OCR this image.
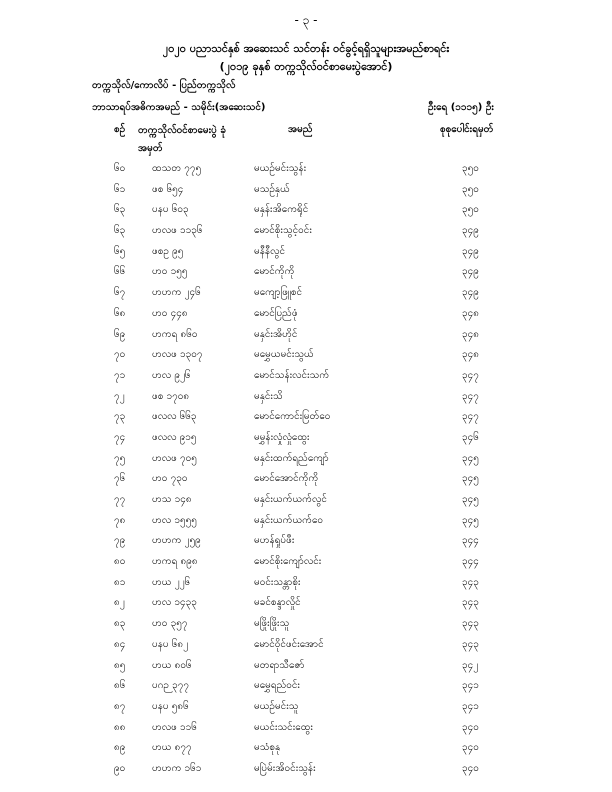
- ၃ -
၂၀၂၀ ပညာသင်နှစ် အဆေးသင် သင်တန်း ဝင်ခွင့်ရရှိသူများအမည်စာရင်း
(၂၀၁၉ ခုနှစ် တက္ကသိုလ်ဝင်စာမေးပွဲအောင်)
တက္ကသိုလ်/ကောလိပ် - ပြည်တက္ကသိုလ်
ဘာသာရပ်အဓိကအမည် - သမိုင်း(အဆေးသင်)	ဦးရေ (၁၁၁၅) ဦး
စဉ် တက္ကသိုလ်ဝင်စာမေးပွဲ ခုံအမှတ်
အမည်	စုစုပေါင်းရမှတ်
၆၀	ထသတ ၇၇၅	မယဉ်မင်းသွန်း	၃၅၀
၆၁	ဖစ ၆၅၄	မသဉ်နှယ်	၃၅၀
၆၃	ပနပ ၆၀၃	မနှန်းအိကေရိုင်	၃၅၀
၆၃	ဟလဖ ၁၁၃၆	မောင်စိုးသွင့်ဝင်း	၃၄၉
၆၅	ဖစဥ ၉၅	မနီနီလွင်	၃၄၉
၆၆	ဟ၀ ၁၅၅	မောင်ကိုကို	၃၄၉
၆၇	ဟဟက ၂၄၆	မကျော့ဖြူစင်	၃၄၉
၆၈	ဟ၀ ၄၄၈	မောင်ပြည်ဖုံ	၃၄၈
၆၉	ဟကရ ၈၆၀	မနှင်းအိဟိုင်	၃၄၈
၇၀	ဟလဖ ၁၃၀၇	မမွှေယမင်းသွယ်	၃၄၈
၇၁	ဟလ ၉၂၆	မောင်သန်းလင်းသက်	၃၄၇
၇၂	ဖစ ၁၇၀၈	မနှင်းသိ	၃၄၇
၇၃	ဖလလ ၆၆၃	မောင်ကောင်းမြတ်ဝေ	၃၄၇
၇၄	ဖလလ ၉၁၅	မမွှန်းလှုံလှုံထွေး	၃၄၆
၇၅	ဟလဖ ၇၀၅	မနှင်းထက်ရည်ကျော်	၃၄၅
၇၆	ဟ၀ ၇၃၀	မောင်အောင်ကိုကို	၃၄၅
၇၇	ဟသ ၁၄၈	မနှင်းယက်ယက်လွင်	၃၄၅
၇၈	ဟလ ၁၅၅၅	မနှင်းယက်ယက်ဝေ	၃၄၅
၇၉	ဟဟက ၂၅၉	မဟန်ရှုပ်ဖီး	၃၄၄
၈၀	ဟကရ ၈၉၈	မောင်စိုးကျော်လင်း	၃၄၄
၈၁	ဟယ ၂၂၆	မဝင်းသန္တာစိုး	၃၄၃
၈၂	ဟလ ၁၄၃၃	မခင်စန္ဒာလှိုင်	၃၄၃
၈၃	ဟ၀ ၃၅၇	မဖြိုးဖြိုးသူ	၃၄၃
၈၄	ပနပ ၆၈၂	မောင်ဝိုင်ဖင်းအောင်	၃၄၃
၈၅	ဟယ ၈၀၆	မတရာသီဇော်	၃၄၂
၈၆	ပဂဉ ၃၇၇	မမွှေရည်ဝင်း	၃၄၁
၈၇	ပနပ ၅၈၆	မယဉ်မင်းသူ	၃၄၁
၈၈	ဟလဖ ၁၁၆	မယင်းသင်းထွေး	၃၄၀
၈၉	ဟယ ၈၇၇	မသံစုနု	၃၄၀
၉၀	ဟဟက ၁၆၁	မပြဲမ်းအိဝင်းသွန်း	၃၄၀
